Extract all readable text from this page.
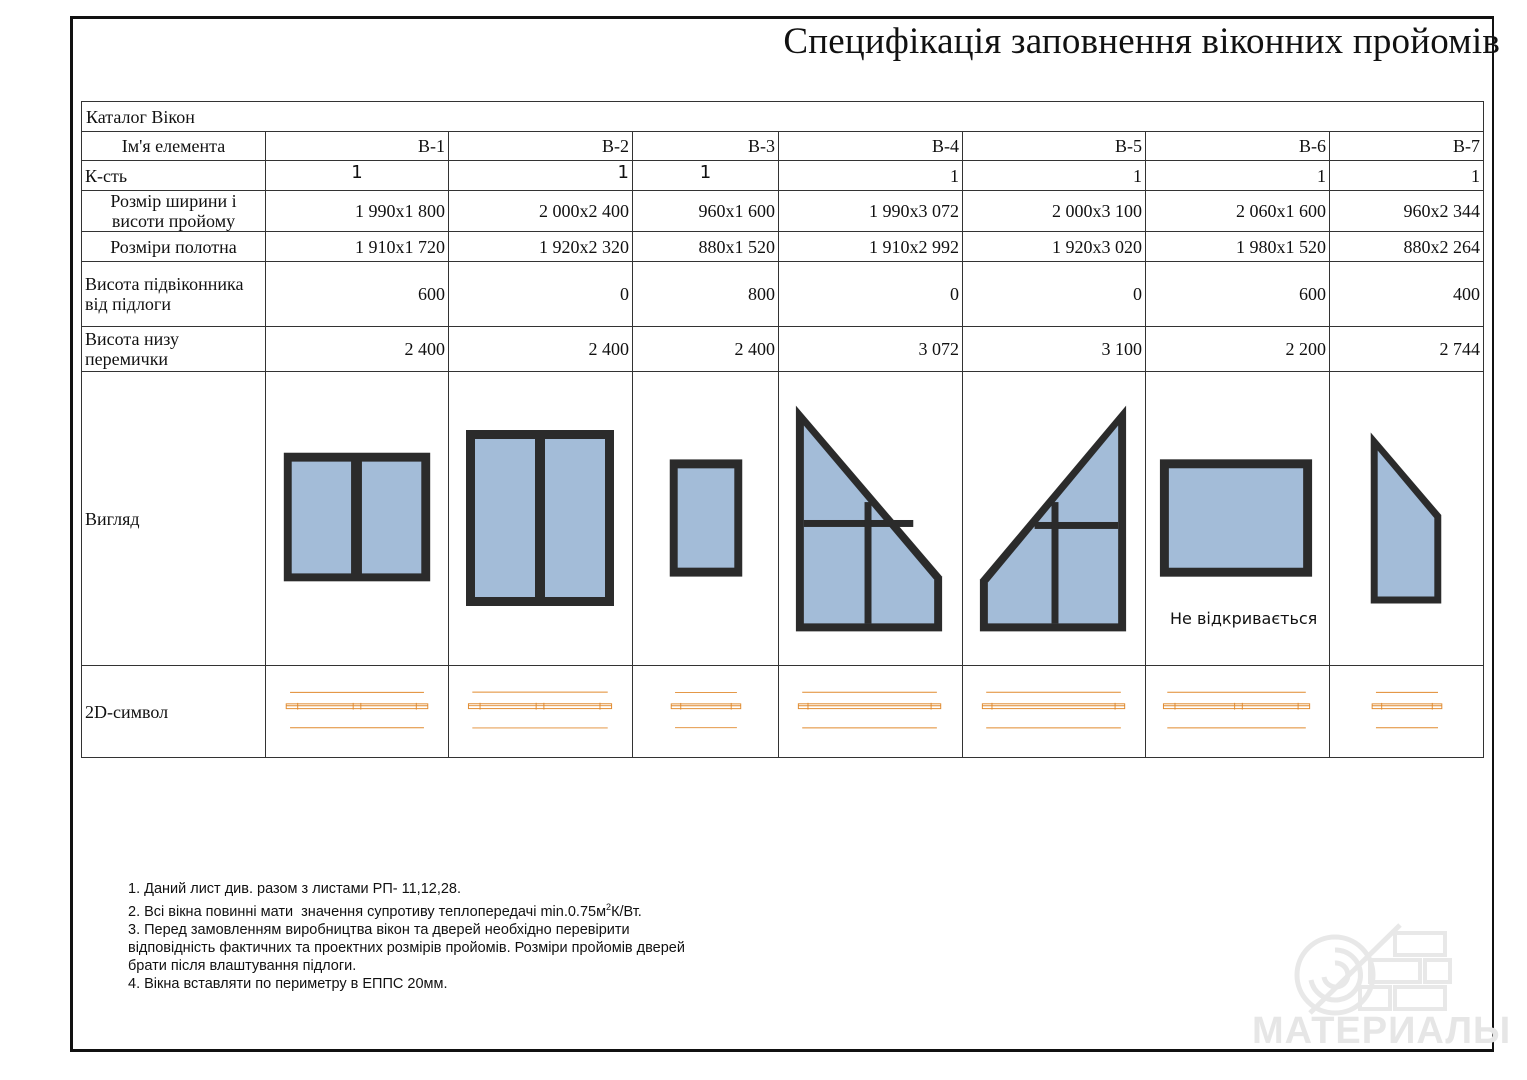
Специфікація заповнення віконних пройомів
Каталог Вікон							
Ім'я елемента	В-1	В-2	В-3	В-4	В-5	В-6	В-7
К-сть	1	1	1	1	1	1	1
Розмір ширини і
висоти пройому	1 990x1 800	2 000x2 400	960x1 600	1 990x3 072	2 000x3 100	2 060x1 600	960x2 344
Розміри полотна	1 910x1 720	1 920x2 320	880x1 520	1 910x2 992	1 920x3 020	1 980x1 520	880x2 264
Висота підвіконника
від підлоги	600	0	800	0	0	600	400
Висота низу
перемички	2 400	2 400	2 400	3 072	3 100	2 200	2 744
Вигляд	

2D-символ	

Не відкривається
1. Даний лист див. разом з листами РП- 11,12,28.
2. Всі вікна повинні мати  значення супротиву теплопередачі $\min.0.75м^2К/Вт$.
3. Перед замовленням виробництва вікон та дверей необхідно перевірити
відповідність фактичних та проектних розмірів пройомів. Розміри пройомів дверей
брати після влаштування підлоги.
4. Вікна вставляти по периметру в ЕППС 20мм.
МАТЕРИАЛЫ
